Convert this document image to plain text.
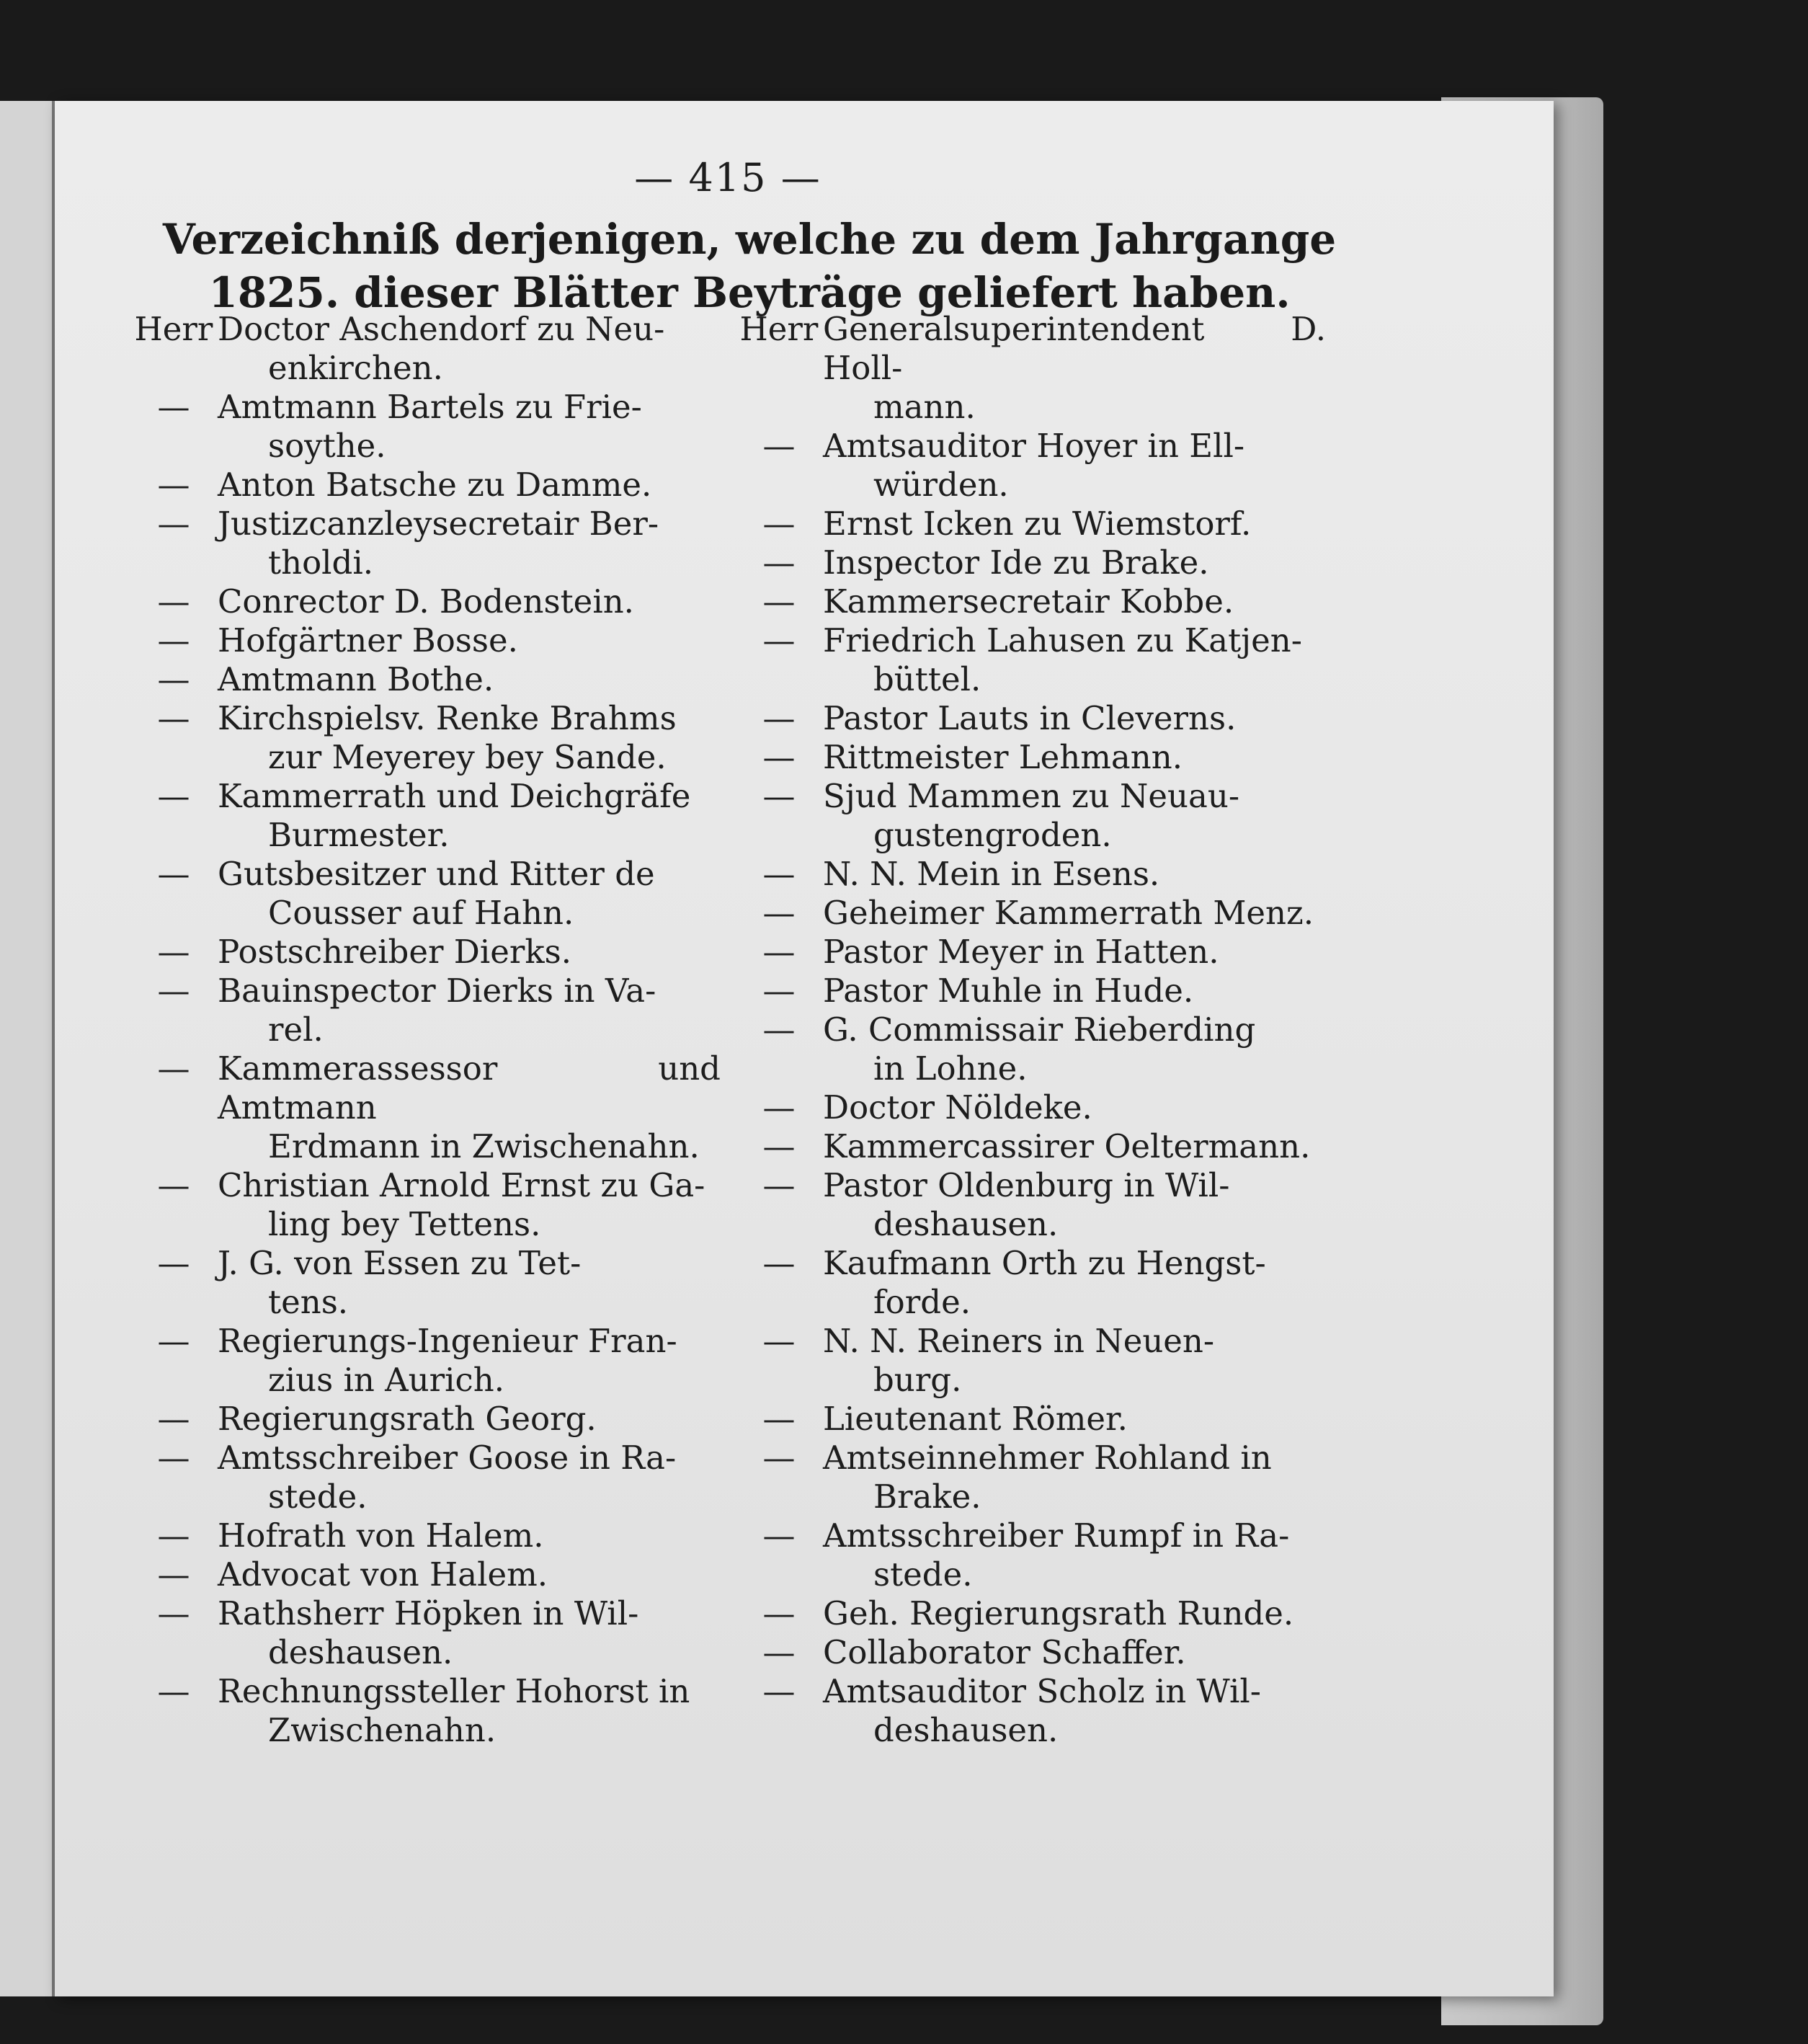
— 415 —
Verzeichniß derjenigen, welche zu dem Jahrgange 1825. dieser Blätter Beyträge geliefert haben.
Herr Doctor Aschendorf zu Neu-
enkirchen.
— Amtmann Bartels zu Frie-
soythe.
— Anton Batsche zu Damme.
— Justizcanzleysecretair Ber-
tholdi.
— Conrector D. Bodenstein.
— Hofgärtner Bosse.
— Amtmann Bothe.
— Kirchspielsv. Renke Brahms
zur Meyerey bey Sande.
— Kammerrath und Deichgräfe
Burmester.
— Gutsbesitzer und Ritter de
Cousser auf Hahn.
— Postschreiber Dierks.
— Bauinspector Dierks in Va-
rel.
— Kammerassessor und Amtmann
Erdmann in Zwischenahn.
— Christian Arnold Ernst zu Ga-
ling bey Tettens.
— J. G. von Essen zu Tet-
tens.
— Regierungs-Ingenieur Fran-
zius in Aurich.
— Regierungsrath Georg.
— Amtsschreiber Goose in Ra-
stede.
— Hofrath von Halem.
— Advocat von Halem.
— Rathsherr Höpken in Wil-
deshausen.
— Rechnungssteller Hohorst in
Zwischenahn.
Herr Generalsuperintendent D. Holl-
mann.
— Amtsauditor Hoyer in Ell-
würden.
— Ernst Icken zu Wiemstorf.
— Inspector Ide zu Brake.
— Kammersecretair Kobbe.
— Friedrich Lahusen zu Katjen-
büttel.
— Pastor Lauts in Cleverns.
— Rittmeister Lehmann.
— Sjud Mammen zu Neuau-
gustengroden.
— N. N. Mein in Esens.
— Geheimer Kammerrath Menz.
— Pastor Meyer in Hatten.
— Pastor Muhle in Hude.
— G. Commissair Rieberding
in Lohne.
— Doctor Nöldeke.
— Kammercassirer Oeltermann.
— Pastor Oldenburg in Wil-
deshausen.
— Kaufmann Orth zu Hengst-
forde.
— N. N. Reiners in Neuen-
burg.
— Lieutenant Römer.
— Amtseinnehmer Rohland in
Brake.
— Amtsschreiber Rumpf in Ra-
stede.
— Geh. Regierungsrath Runde.
— Collaborator Schaffer.
— Amtsauditor Scholz in Wil-
deshausen.
